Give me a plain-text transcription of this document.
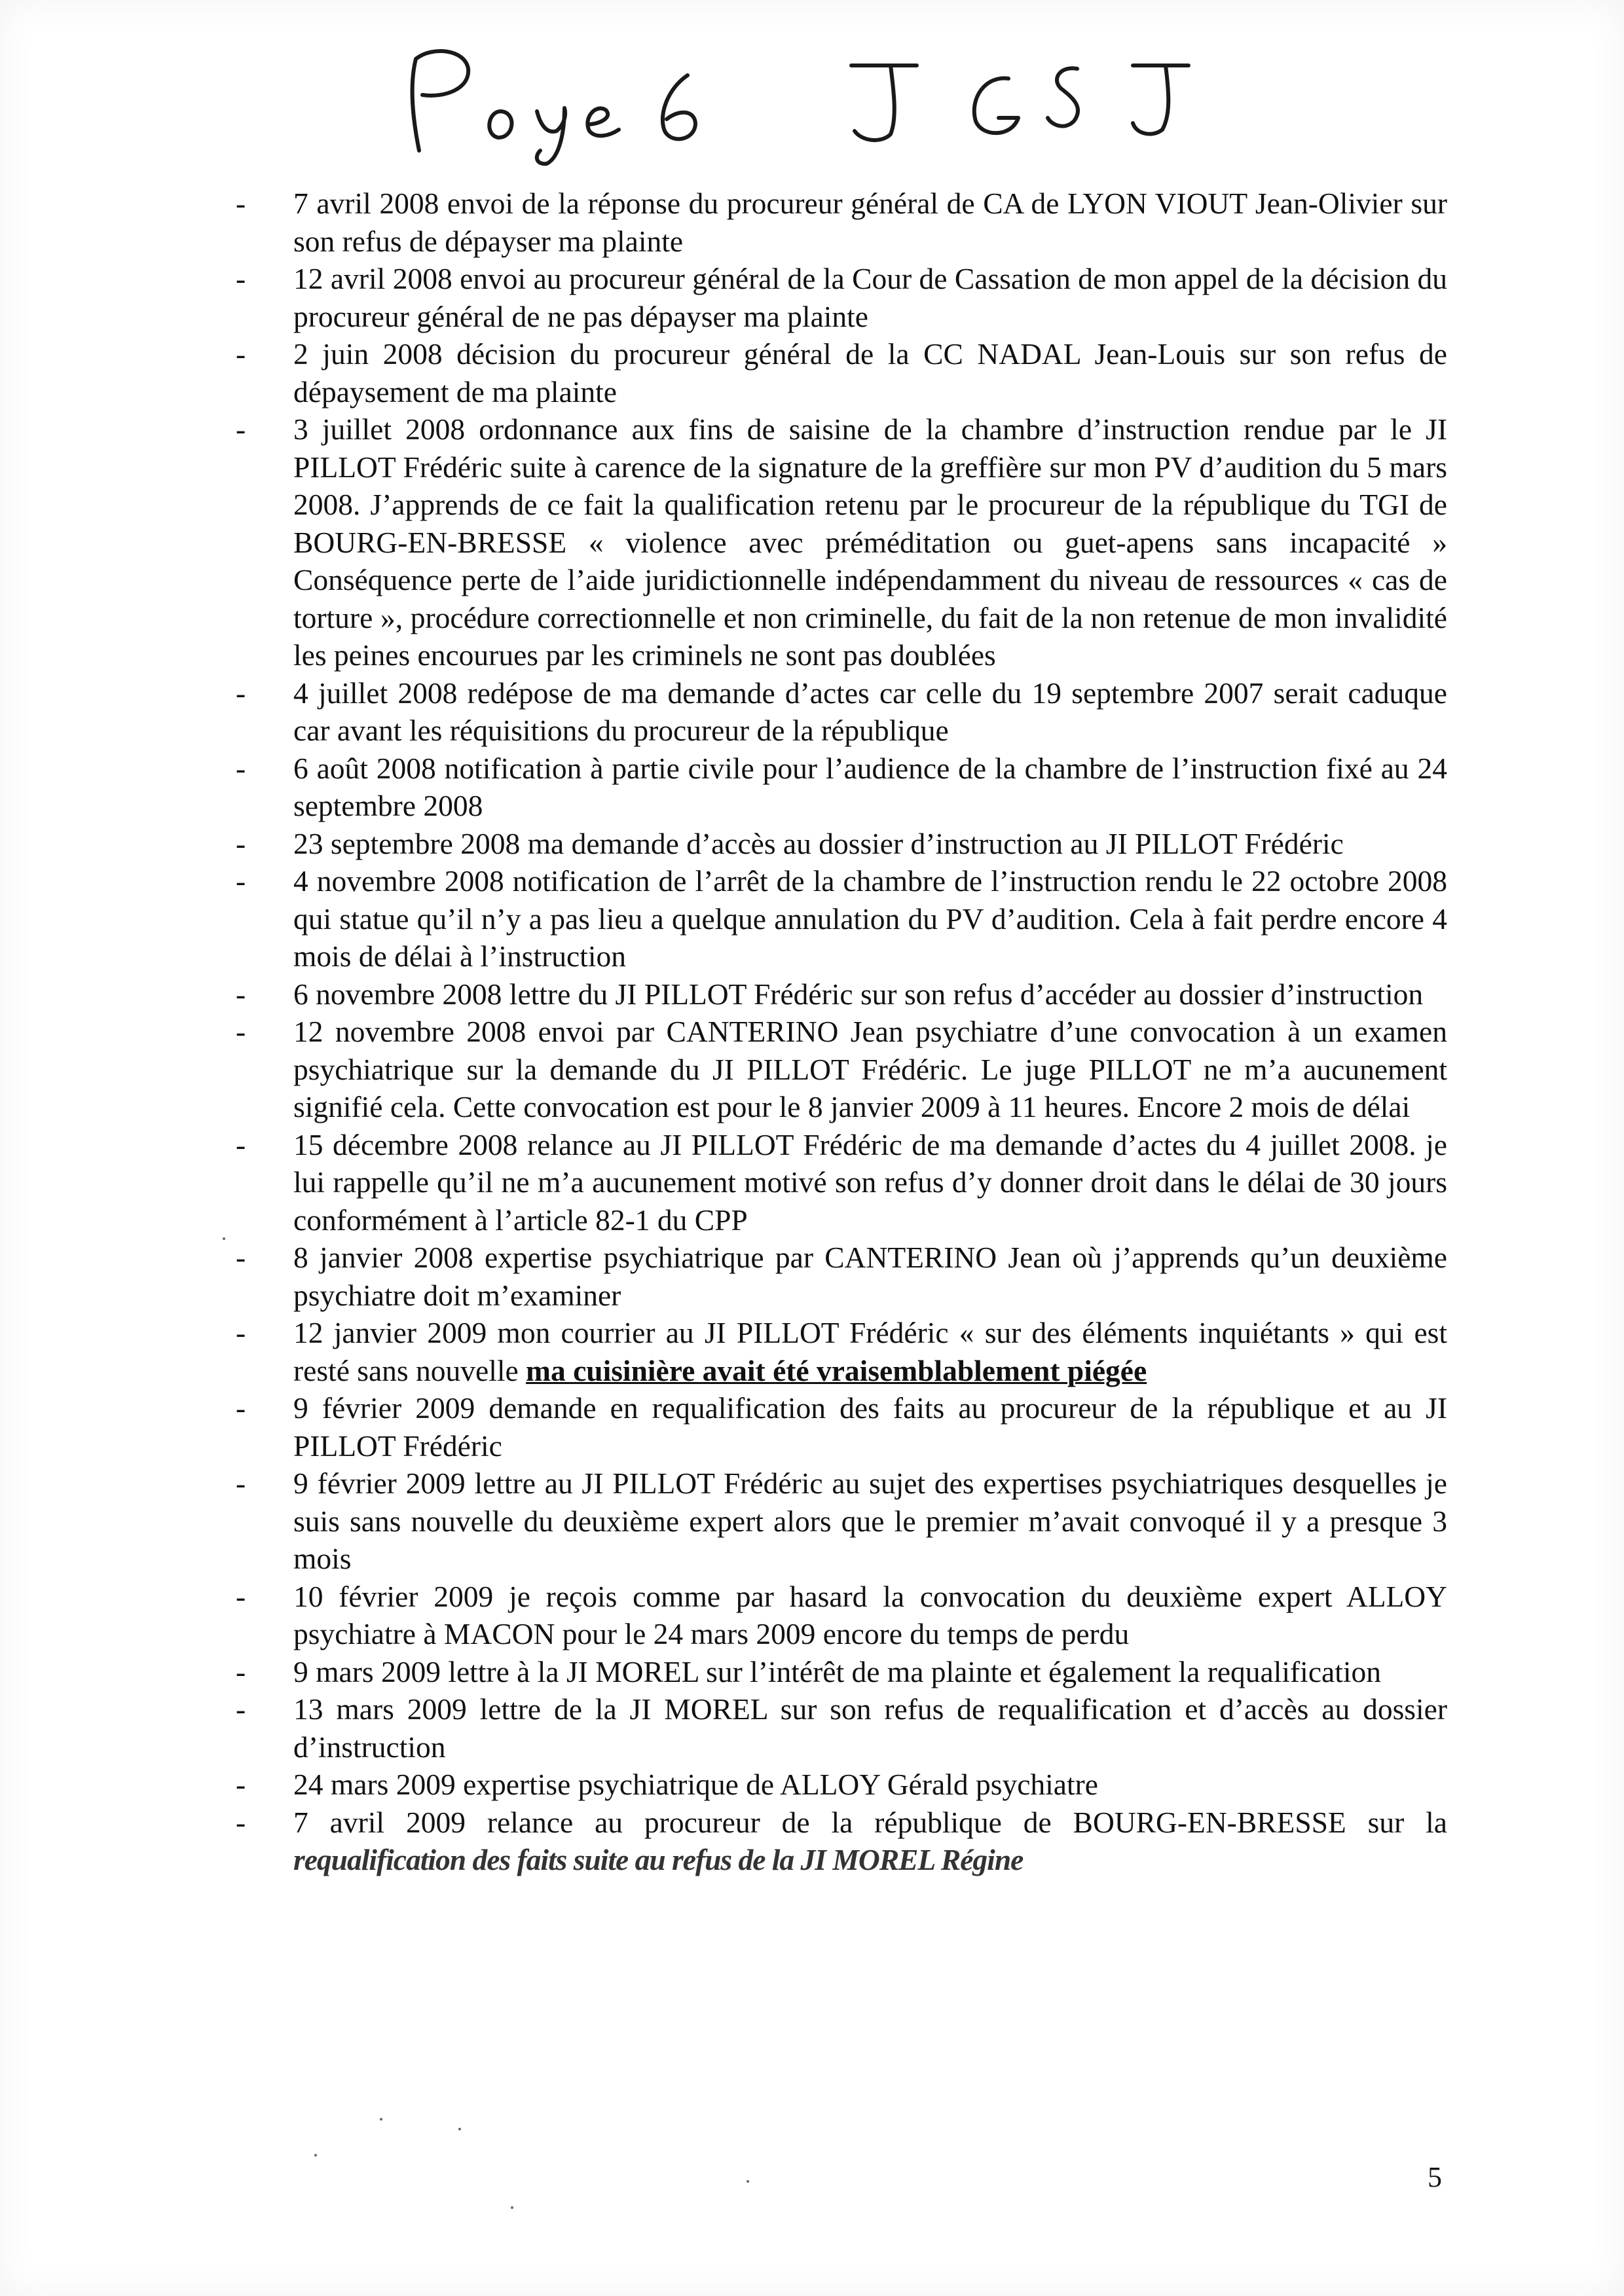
-	7 avril 2008 envoi de la réponse du procureur général de CA de LYON VIOUT Jean-Olivier sur son refus de dépayser ma plainte
-	12 avril 2008 envoi au procureur général de la Cour de Cassation de mon appel de la décision du procureur général de ne pas dépayser ma plainte
-	2 juin 2008 décision du procureur général de la CC NADAL Jean-Louis sur son refus de dépaysement de ma plainte
-	3 juillet 2008 ordonnance aux fins de saisine de la chambre d’instruction rendue par le JI PILLOT Frédéric suite à carence de la signature de la greffière sur mon PV d’audition du 5 mars 2008. J’apprends de ce fait la qualification retenu par le procureur de la république du TGI de BOURG-EN-BRESSE « violence avec préméditation ou guet-apens sans incapacité » Conséquence perte de l’aide juridictionnelle indépendamment du niveau de ressources « cas de torture », procédure correctionnelle et non criminelle, du fait de la non retenue de mon invalidité les peines encourues par les criminels ne sont pas doublées
-	4 juillet 2008 redépose de ma demande d’actes car celle du 19 septembre 2007 serait caduque car avant les réquisitions du procureur de la république
-	6 août 2008 notification à partie civile pour l’audience de la chambre de l’instruction fixé au 24 septembre 2008
-	23 septembre 2008 ma demande d’accès au dossier d’instruction au JI PILLOT Frédéric
-	4 novembre 2008 notification de l’arrêt de la chambre de l’instruction rendu le 22 octobre 2008 qui statue qu’il n’y a pas lieu a quelque annulation du PV d’audition. Cela à fait perdre encore 4 mois de délai à l’instruction
-	6 novembre 2008 lettre du JI PILLOT Frédéric sur son refus d’accéder au dossier d’instruction
-	12 novembre 2008 envoi par CANTERINO Jean psychiatre d’une convocation à un examen psychiatrique sur la demande du JI PILLOT Frédéric. Le juge PILLOT ne m’a aucunement signifié cela. Cette convocation est pour le 8 janvier 2009 à 11 heures. Encore 2 mois de délai
-	15 décembre 2008 relance au JI PILLOT Frédéric de ma demande d’actes du 4 juillet 2008. je lui rappelle qu’il ne m’a aucunement motivé son refus d’y donner droit dans le délai de 30 jours conformément à l’article 82-1 du CPP
-	8 janvier 2008 expertise psychiatrique par CANTERINO Jean où j’apprends qu’un deuxième psychiatre doit m’examiner
-	12 janvier 2009 mon courrier au JI PILLOT Frédéric « sur des éléments inquiétants » qui est resté sans nouvelle ma cuisinière avait été vraisemblablement piégée
-	9 février 2009 demande en requalification des faits au procureur de la république et au JI PILLOT Frédéric
-	9 février 2009 lettre au JI PILLOT Frédéric au sujet des expertises psychiatriques desquelles je suis sans nouvelle du deuxième expert alors que le premier m’avait convoqué il y a presque 3 mois
-	10 février 2009 je reçois comme par hasard la convocation du deuxième expert ALLOY psychiatre à MACON pour le 24 mars 2009 encore du temps de perdu
-	9 mars 2009 lettre à la JI MOREL sur l’intérêt de ma plainte et également la requalification
-	13 mars 2009 lettre de la JI MOREL sur son refus de requalification et d’accès au dossier d’instruction
-	24 mars 2009 expertise psychiatrique de ALLOY Gérald psychiatre
-	7 avril 2009 relance au procureur de la république de BOURG-EN-BRESSE sur la requalification des faits suite au refus de la JI MOREL Régine
5
